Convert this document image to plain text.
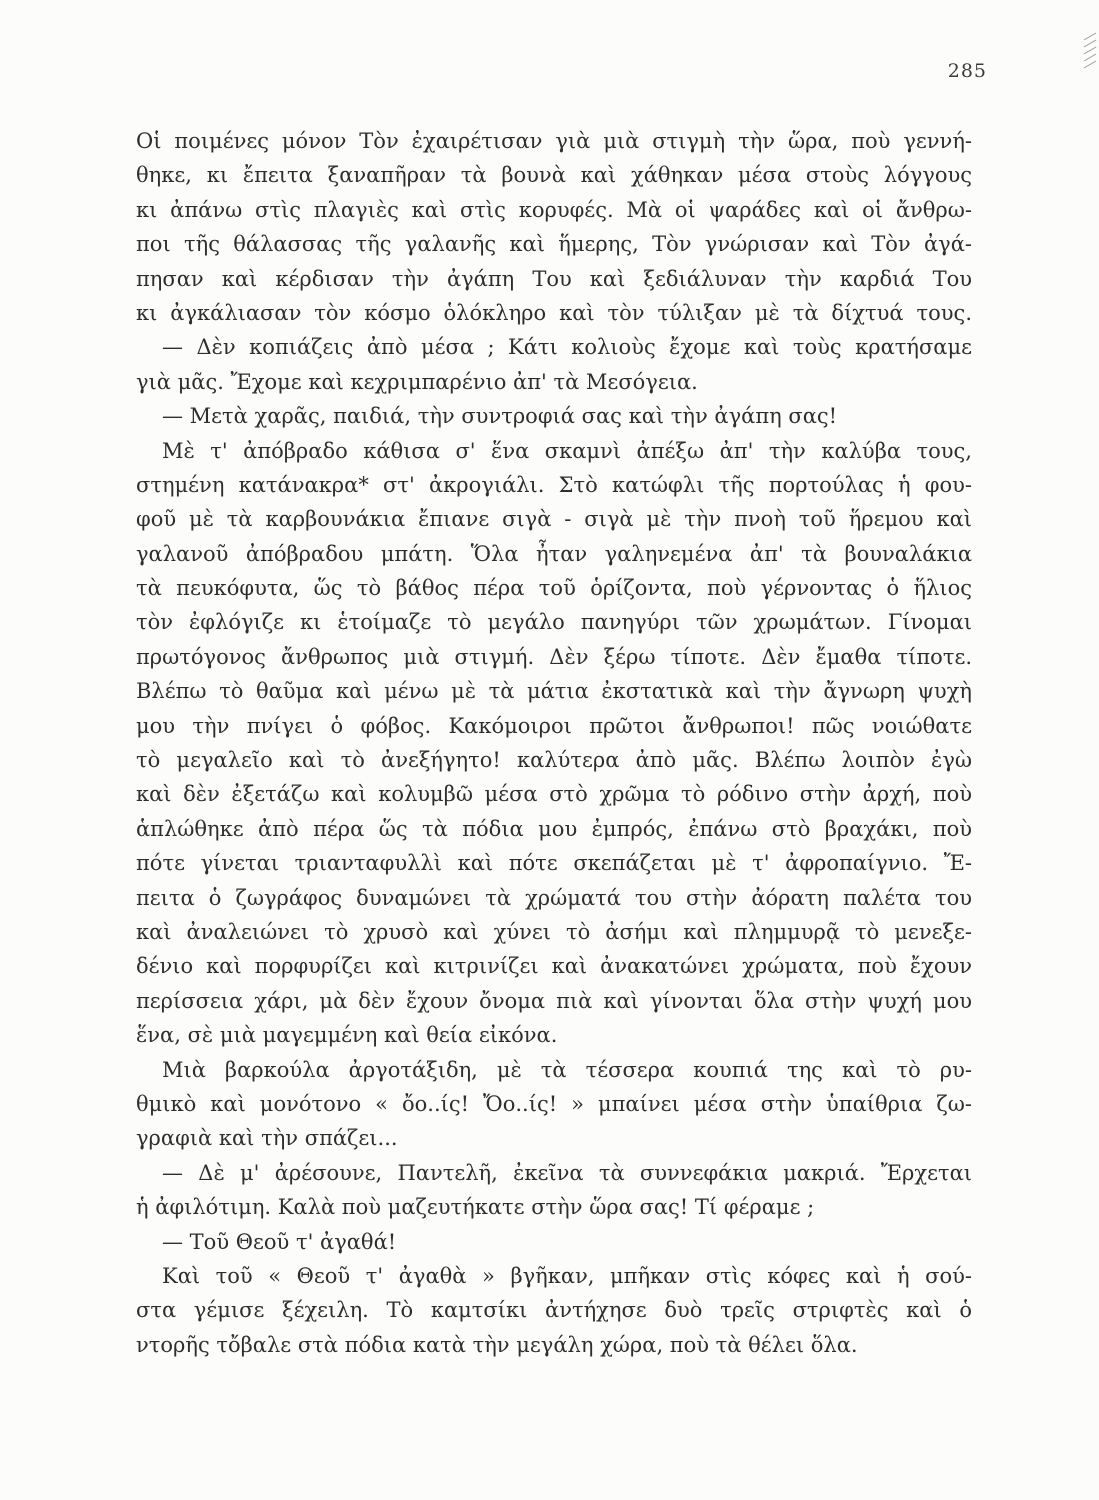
285
Οἱ ποιμένες μόνον Τὸν ἐχαιρέτισαν γιὰ μιὰ στιγμὴ τὴν ὥρα, ποὺ γεννή-
θηκε, κι ἔπειτα ξαναπῆραν τὰ βουνὰ καὶ χάθηκαν μέσα στοὺς λόγγους
κι ἀπάνω στὶς πλαγιὲς καὶ στὶς κορυφές. Μὰ οἱ ψαράδες καὶ οἱ ἄνθρω-
ποι τῆς θάλασσας τῆς γαλανῆς καὶ ἥμερης, Τὸν γνώρισαν καὶ Τὸν ἀγά-
πησαν καὶ κέρδισαν τὴν ἀγάπη Του καὶ ξεδιάλυναν τὴν καρδιά Του
κι ἀγκάλιασαν τὸν κόσμο ὁλόκληρο καὶ τὸν τύλιξαν μὲ τὰ δίχτυά τους.
— Δὲν κοπιάζεις ἀπὸ μέσα ; Κάτι κολιοὺς ἔχομε καὶ τοὺς κρατήσαμε
γιὰ μᾶς. Ἔχομε καὶ κεχριμπαρένιο ἀπ' τὰ Μεσόγεια.
— Μετὰ χαρᾶς, παιδιά, τὴν συντροφιά σας καὶ τὴν ἀγάπη σας!
Μὲ τ' ἀπόβραδο κάθισα σ' ἕνα σκαμνὶ ἀπέξω ἀπ' τὴν καλύβα τους,
στημένη κατάνακρα* στ' ἀκρογιάλι. Στὸ κατώφλι τῆς πορτούλας ἡ φου-
φοῦ μὲ τὰ καρβουνάκια ἔπιανε σιγὰ - σιγὰ μὲ τὴν πνοὴ τοῦ ἥρεμου καὶ
γαλανοῦ ἀπόβραδου μπάτη. Ὅλα ἦταν γαληνεμένα ἀπ' τὰ βουναλάκια
τὰ πευκόφυτα, ὥς τὸ βάθος πέρα τοῦ ὁρίζοντα, ποὺ γέρνοντας ὁ ἥλιος
τὸν ἐφλόγιζε κι ἑτοίμαζε τὸ μεγάλο πανηγύρι τῶν χρωμάτων. Γίνομαι
πρωτόγονος ἄνθρωπος μιὰ στιγμή. Δὲν ξέρω τίποτε. Δὲν ἔμαθα τίποτε.
Βλέπω τὸ θαῦμα καὶ μένω μὲ τὰ μάτια ἐκστατικὰ καὶ τὴν ἄγνωρη ψυχὴ
μου τὴν πνίγει ὁ φόβος. Κακόμοιροι πρῶτοι ἄνθρωποι! πῶς νοιώθατε
τὸ μεγαλεῖο καὶ τὸ ἀνεξήγητο! καλύτερα ἀπὸ μᾶς. Βλέπω λοιπὸν ἐγὼ
καὶ δὲν ἐξετάζω καὶ κολυμβῶ μέσα στὸ χρῶμα τὸ ρόδινο στὴν ἀρχή, ποὺ
ἁπλώθηκε ἀπὸ πέρα ὥς τὰ πόδια μου ἐμπρός, ἐπάνω στὸ βραχάκι, ποὺ
πότε γίνεται τριανταφυλλὶ καὶ πότε σκεπάζεται μὲ τ' ἀφροπαίγνιο. Ἔ-
πειτα ὁ ζωγράφος δυναμώνει τὰ χρώματά του στὴν ἀόρατη παλέτα του
καὶ ἀναλειώνει τὸ χρυσὸ καὶ χύνει τὸ ἀσήμι καὶ πλημμυρᾷ τὸ μενεξε-
δένιο καὶ πορφυρίζει καὶ κιτρινίζει καὶ ἀνακατώνει χρώματα, ποὺ ἔχουν
περίσσεια χάρι, μὰ δὲν ἔχουν ὄνομα πιὰ καὶ γίνονται ὅλα στὴν ψυχή μου
ἕνα, σὲ μιὰ μαγεμμένη καὶ θεία εἰκόνα.
Μιὰ βαρκούλα ἀργοτάξιδη, μὲ τὰ τέσσερα κουπιά της καὶ τὸ ρυ-
θμικὸ καὶ μονότονο « ὄο..ίς! Ὄο..ίς! » μπαίνει μέσα στὴν ὑπαίθρια ζω-
γραφιὰ καὶ τὴν σπάζει...
— Δὲ μ' ἀρέσουνε, Παντελῆ, ἐκεῖνα τὰ συννεφάκια μακριά. Ἔρχεται
ἡ ἀφιλότιμη. Καλὰ ποὺ μαζευτήκατε στὴν ὥρα σας! Τί φέραμε ;
— Τοῦ Θεοῦ τ' ἀγαθά!
Καὶ τοῦ « Θεοῦ τ' ἀγαθὰ » βγῆκαν, μπῆκαν στὶς κόφες καὶ ἡ σού-
στα γέμισε ξέχειλη. Τὸ καμτσίκι ἀντήχησε δυὸ τρεῖς στριφτὲς καὶ ὁ
ντορῆς τὄβαλε στὰ πόδια κατὰ τὴν μεγάλη χώρα, ποὺ τὰ θέλει ὅλα.
